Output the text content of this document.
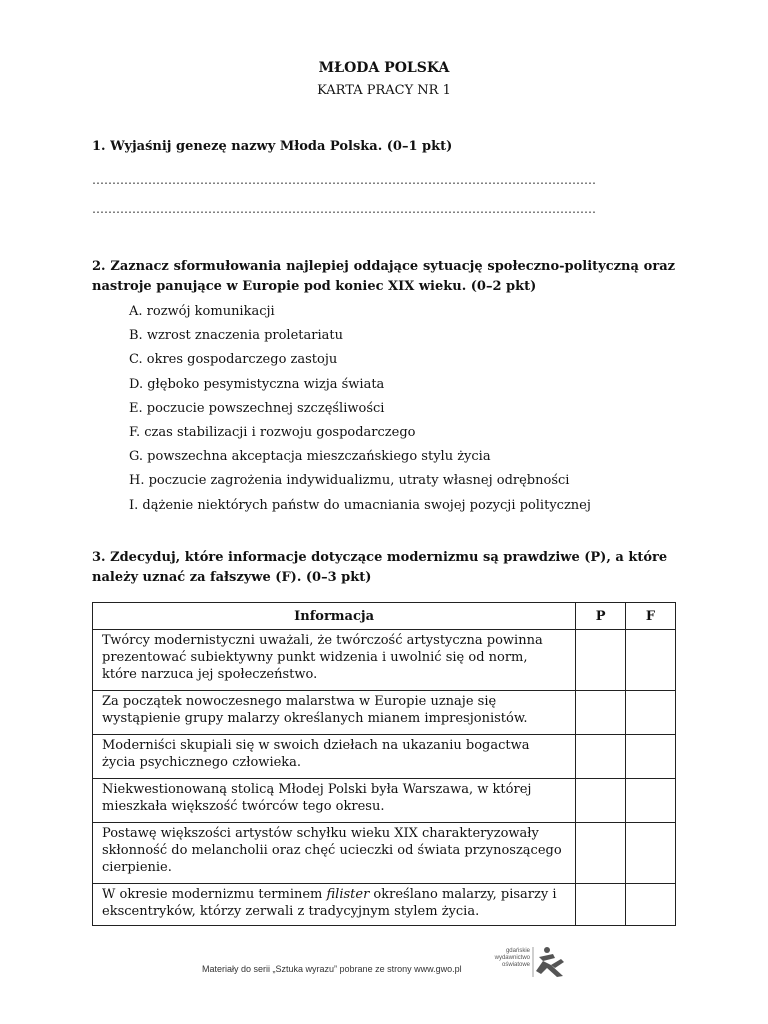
MŁODA POLSKA
KARTA PRACY NR 1
1. Wyjaśnij genezę nazwy Młoda Polska. (0–1 pkt)
………………………………………………………………………………………………………………
………………………………………………………………………………………………………………
2. Zaznacz sformułowania najlepiej oddające sytuację społeczno-polityczną oraz nastroje panujące w Europie pod koniec XIX wieku. (0–2 pkt)
A. rozwój komunikacji
B. wzrost znaczenia proletariatu
C. okres gospodarczego zastoju
D. głęboko pesymistyczna wizja świata
E. poczucie powszechnej szczęśliwości
F. czas stabilizacji i rozwoju gospodarczego
G. powszechna akceptacja mieszczańskiego stylu życia
H. poczucie zagrożenia indywidualizmu, utraty własnej odrębności
I. dążenie niektórych państw do umacniania swojej pozycji politycznej
3. Zdecyduj, które informacje dotyczące modernizmu są prawdziwe (P), a które należy uznać za fałszywe (F). (0–3 pkt)
Informacja	P	F
Twórcy modernistyczni uważali, że twórczość artystyczna powinna prezentować subiektywny punkt widzenia i uwolnić się od norm, które narzuca jej społeczeństwo.		
Za początek nowoczesnego malarstwa w Europie uznaje się wystąpienie grupy malarzy określanych mianem impresjonistów.		
Moderniści skupiali się w swoich dziełach na ukazaniu bogactwa życia psychicznego człowieka.		
Niekwestionowaną stolicą Młodej Polski była Warszawa, w której mieszkała większość twórców tego okresu.		
Postawę większości artystów schyłku wieku XIX charakteryzowały skłonność do melancholii oraz chęć ucieczki od świata przynoszącego cierpienie.		
W okresie modernizmu terminem filister określano malarzy, pisarzy i ekscentryków, którzy zerwali z tradycyjnym stylem życia.		
Materiały do serii „Sztuka wyrazu” pobrane ze strony www.gwo.pl
gdańskie wydawnictwo oświatowe
